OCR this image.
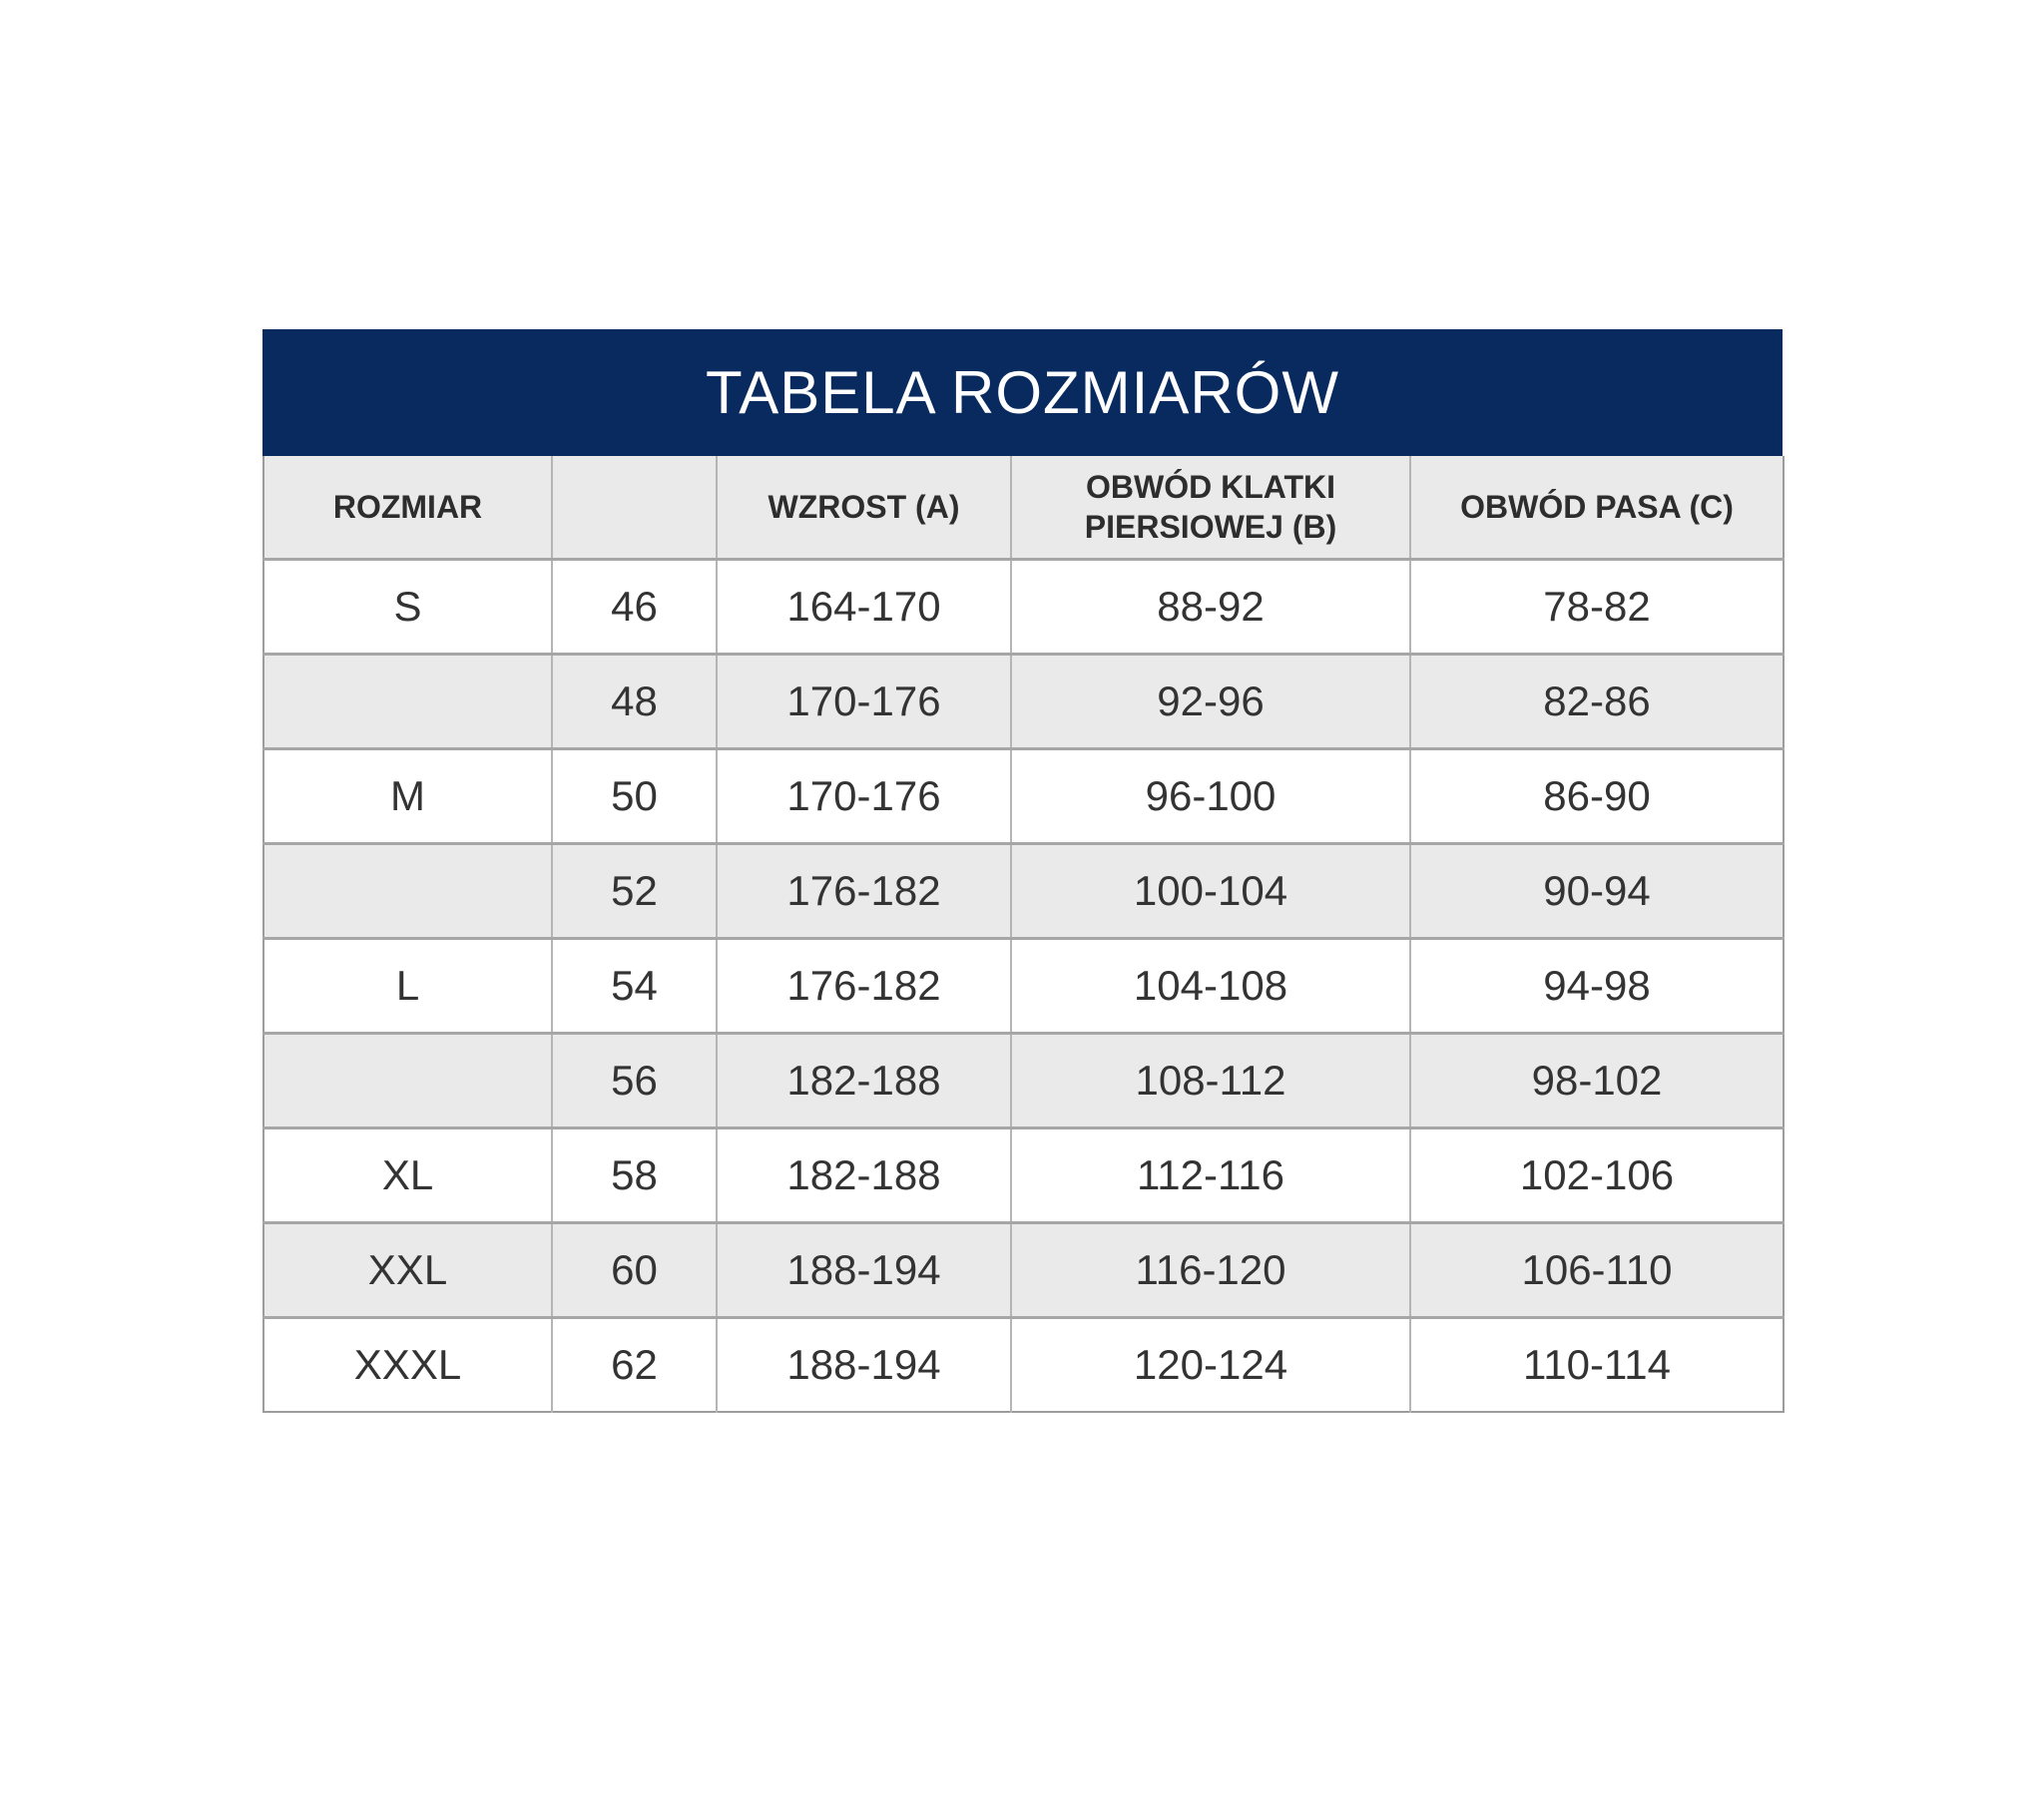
TABELA ROZMIARÓW
ROZMIAR		WZROST (A)	OBWÓD KLATKI PIERSIOWEJ (B)	OBWÓD PASA (C)
S	46	164-170	88-92	78-82
	48	170-176	92-96	82-86
M	50	170-176	96-100	86-90
	52	176-182	100-104	90-94
L	54	176-182	104-108	94-98
	56	182-188	108-112	98-102
XL	58	182-188	112-116	102-106
XXL	60	188-194	116-120	106-110
XXXL	62	188-194	120-124	110-114
